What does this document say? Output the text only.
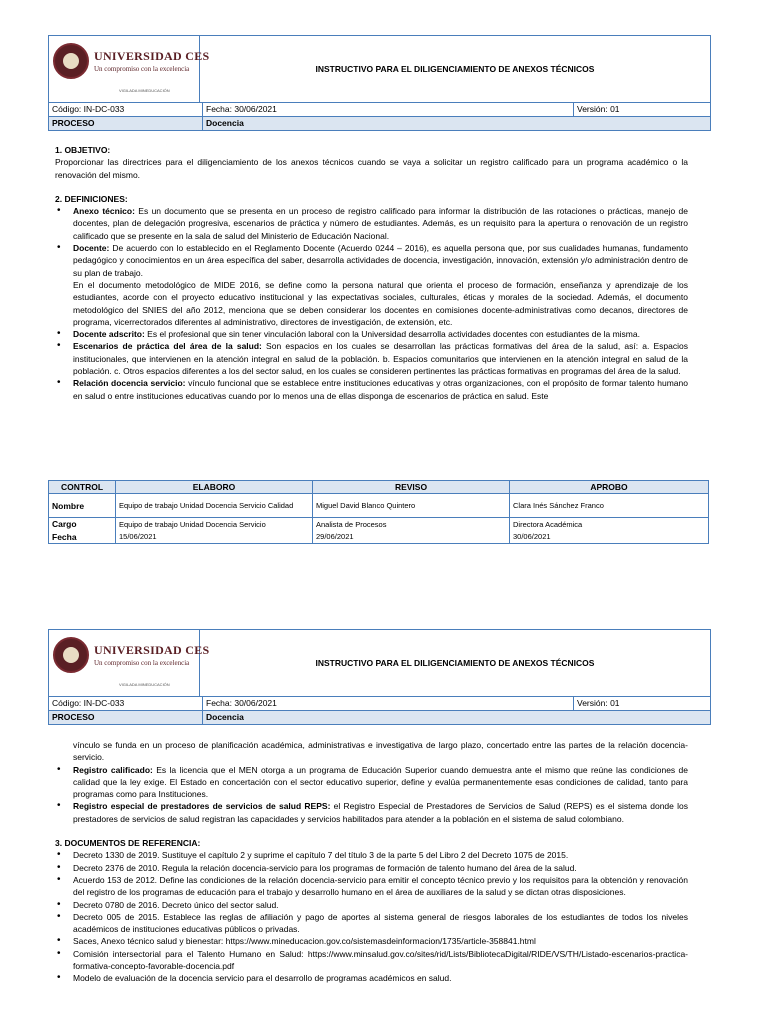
UNIVERSIDAD CES
Un compromiso con la excelencia
VIGILADA MINEDUCACIÓN
INSTRUCTIVO PARA EL DILIGENCIAMIENTO DE ANEXOS TÉCNICOS
Código: IN-DC-033	Fecha: 30/06/2021	Versión: 01
PROCESO	Docencia

1. OBJETIVO:

Proporcionar las directrices para el diligenciamiento de los anexos técnicos cuando se vaya a solicitar un registro calificado para un programa académico o la renovación del mismo.

2. DEFINICIONES:

• Anexo técnico: Es un documento que se presenta en un proceso de registro calificado para informar la distribución de las rotaciones o prácticas, manejo de docentes, plan de delegación progresiva, escenarios de práctica y número de estudiantes. Además, es un requisito para la apertura o renovación de un registro calificado que se presente en la sala de salud del Ministerio de Educación Nacional.

• Docente: De acuerdo con lo establecido en el Reglamento Docente (Acuerdo 0244 – 2016), es aquella persona que, por sus cualidades humanas, fundamento pedagógico y conocimientos en un área específica del saber, desarrolla actividades de docencia, investigación, innovación, extensión y/o administración dentro de su plan de trabajo.

En el documento metodológico de MIDE 2016, se define como la persona natural que orienta el proceso de formación, enseñanza y aprendizaje de los estudiantes, acorde con el proyecto educativo institucional y las expectativas sociales, culturales, éticas y morales de la sociedad. Además, el documento metodológico del SNIES del año 2012, menciona que se deben considerar los docentes en comisiones docente-administrativas como decanos, directores de programa, vicerrectorados diferentes al administrativo, directores de investigación, de extensión, etc.

• Docente adscrito: Es el profesional que sin tener vinculación laboral con la Universidad desarrolla actividades docentes con estudiantes de la misma.

• Escenarios de práctica del área de la salud: Son espacios en los cuales se desarrollan las prácticas formativas del área de la salud, así: a. Espacios institucionales, que intervienen en la atención integral en salud de la población. b. Espacios comunitarios que intervienen en la atención integral en salud de la población. c. Otros espacios diferentes a los del sector salud, en los cuales se consideren pertinentes las prácticas formativas en programas del área de la salud.

• Relación docencia servicio: vínculo funcional que se establece entre instituciones educativas y otras organizaciones, con el propósito de formar talento humano en salud o entre instituciones educativas cuando por lo menos una de ellas disponga de escenarios de práctica en salud. Este

CONTROL	ELABORO	REVISO	APROBO
Nombre	Equipo de trabajo Unidad Docencia Servicio Calidad	Miguel David Blanco Quintero	Clara Inés Sánchez Franco
Cargo	Equipo de trabajo Unidad Docencia Servicio	Analista de Procesos	Directora Académica
Fecha	15/06/2021	29/06/2021	30/06/2021
UNIVERSIDAD CES
Un compromiso con la excelencia
VIGILADA MINEDUCACIÓN
INSTRUCTIVO PARA EL DILIGENCIAMIENTO DE ANEXOS TÉCNICOS
Código: IN-DC-033	Fecha: 30/06/2021	Versión: 01
PROCESO	Docencia

vínculo se funda en un proceso de planificación académica, administrativas e investigativa de largo plazo, concertado entre las partes de la relación docencia-servicio.

• Registro calificado: Es la licencia que el MEN otorga a un programa de Educación Superior cuando demuestra ante el mismo que reúne las condiciones de calidad que la ley exige. El Estado en concertación con el sector educativo superior, define y evalúa permanentemente esas condiciones de calidad, tanto para programas como para Instituciones.

• Registro especial de prestadores de servicios de salud REPS: el Registro Especial de Prestadores de Servicios de Salud (REPS) es el sistema donde los prestadores de servicios de salud registran las capacidades y servicios habilitados para atender a la población en el sistema de salud colombiano.

3. DOCUMENTOS DE REFERENCIA:

• Decreto 1330 de 2019. Sustituye el capítulo 2 y suprime el capítulo 7 del título 3 de la parte 5 del Libro 2 del Decreto 1075 de 2015.

• Decreto 2376 de 2010. Regula la relación docencia-servicio para los programas de formación de talento humano del área de la salud.

• Acuerdo 153 de 2012. Define las condiciones de la relación docencia-servicio para emitir el concepto técnico previo y los requisitos para la obtención y renovación del registro de los programas de educación para el trabajo y desarrollo humano en el área de auxiliares de la salud y se dictan otras disposiciones.

• Decreto 0780 de 2016. Decreto único del sector salud.

• Decreto 005 de 2015. Establece las reglas de afiliación y pago de aportes al sistema general de riesgos laborales de los estudiantes de todos los niveles académicos de instituciones educativas públicos o privadas.

• Saces, Anexo técnico salud y bienestar: https://www.mineducacion.gov.co/sistemasdeinformacion/1735/article-358841.html

• Comisión intersectorial para el Talento Humano en Salud: https://www.minsalud.gov.co/sites/rid/Lists/BibliotecaDigital/RIDE/VS/TH/Listado-escenarios-practica-formativa-concepto-favorable-docencia.pdf

• Modelo de evaluación de la docencia servicio para el desarrollo de programas académicos en salud.
